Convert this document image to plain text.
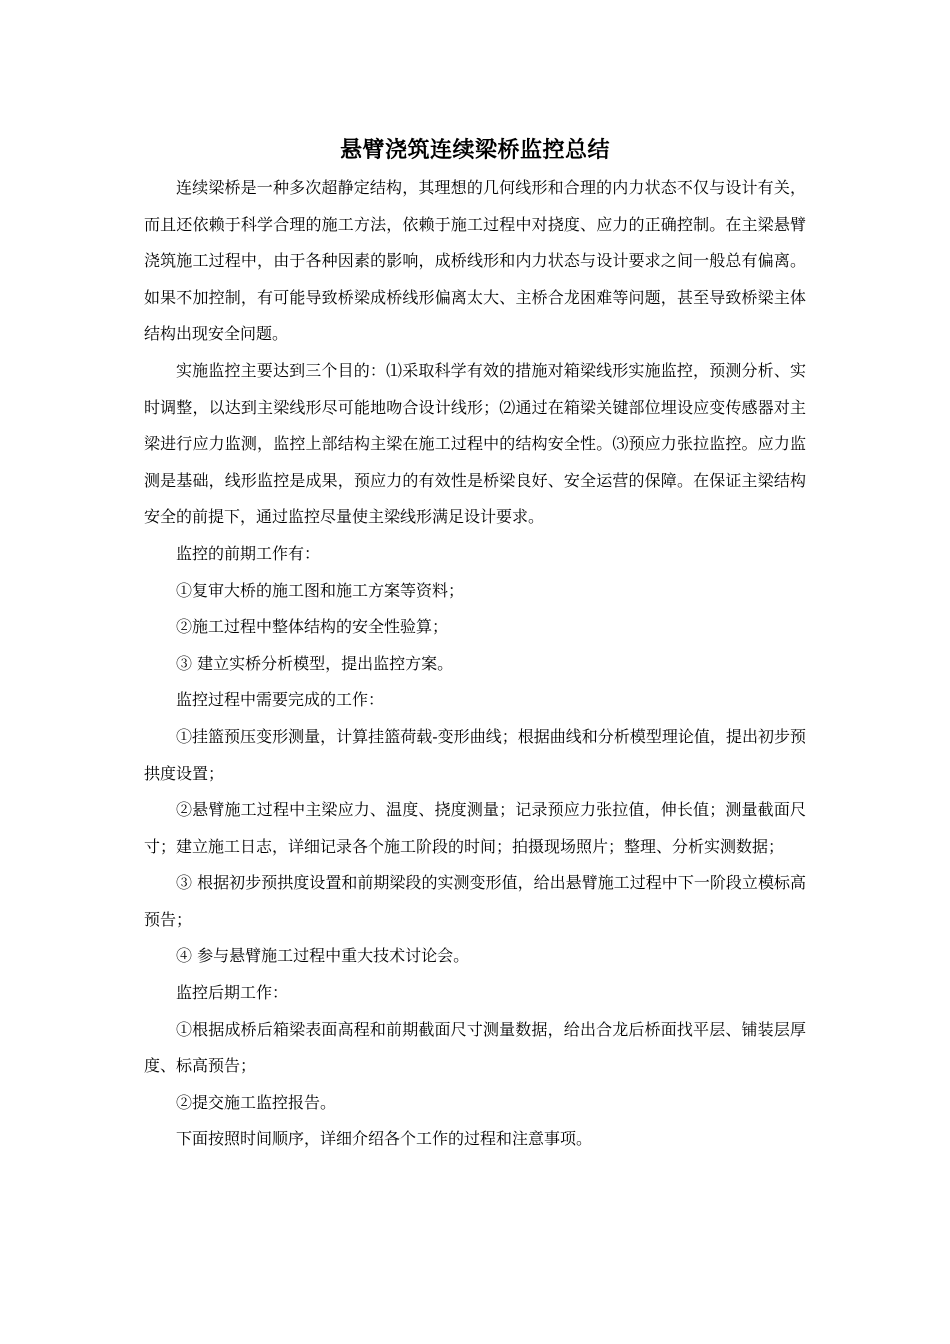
悬臂浇筑连续梁桥监控总结

连续梁桥是一种多次超静定结构，其理想的几何线形和合理的内力状态不仅与设计有关，而且还依赖于科学合理的施工方法，依赖于施工过程中对挠度、应力的正确控制。在主梁悬臂浇筑施工过程中，由于各种因素的影响，成桥线形和内力状态与设计要求之间一般总有偏离。如果不加控制，有可能导致桥梁成桥线形偏离太大、主桥合龙困难等问题，甚至导致桥梁主体结构出现安全问题。

实施监控主要达到三个目的：⑴采取科学有效的措施对箱梁线形实施监控，预测分析、实时调整，以达到主梁线形尽可能地吻合设计线形；⑵通过在箱梁关键部位埋设应变传感器对主梁进行应力监测，监控上部结构主梁在施工过程中的结构安全性。⑶预应力张拉监控。应力监测是基础，线形监控是成果，预应力的有效性是桥梁良好、安全运营的保障。在保证主梁结构安全的前提下，通过监控尽量使主梁线形满足设计要求。

监控的前期工作有：

①复审大桥的施工图和施工方案等资料；

②施工过程中整体结构的安全性验算；

③ 建立实桥分析模型，提出监控方案。

监控过程中需要完成的工作：

①挂篮预压变形测量，计算挂篮荷载-变形曲线；根据曲线和分析模型理论值，提出初步预拱度设置；

②悬臂施工过程中主梁应力、温度、挠度测量；记录预应力张拉值，伸长值；测量截面尺寸；建立施工日志，详细记录各个施工阶段的时间；拍摄现场照片；整理、分析实测数据；

③ 根据初步预拱度设置和前期梁段的实测变形值，给出悬臂施工过程中下一阶段立模标高预告；

④ 参与悬臂施工过程中重大技术讨论会。

监控后期工作：

①根据成桥后箱梁表面高程和前期截面尺寸测量数据，给出合龙后桥面找平层、铺装层厚度、标高预告；

②提交施工监控报告。

下面按照时间顺序，详细介绍各个工作的过程和注意事项。
